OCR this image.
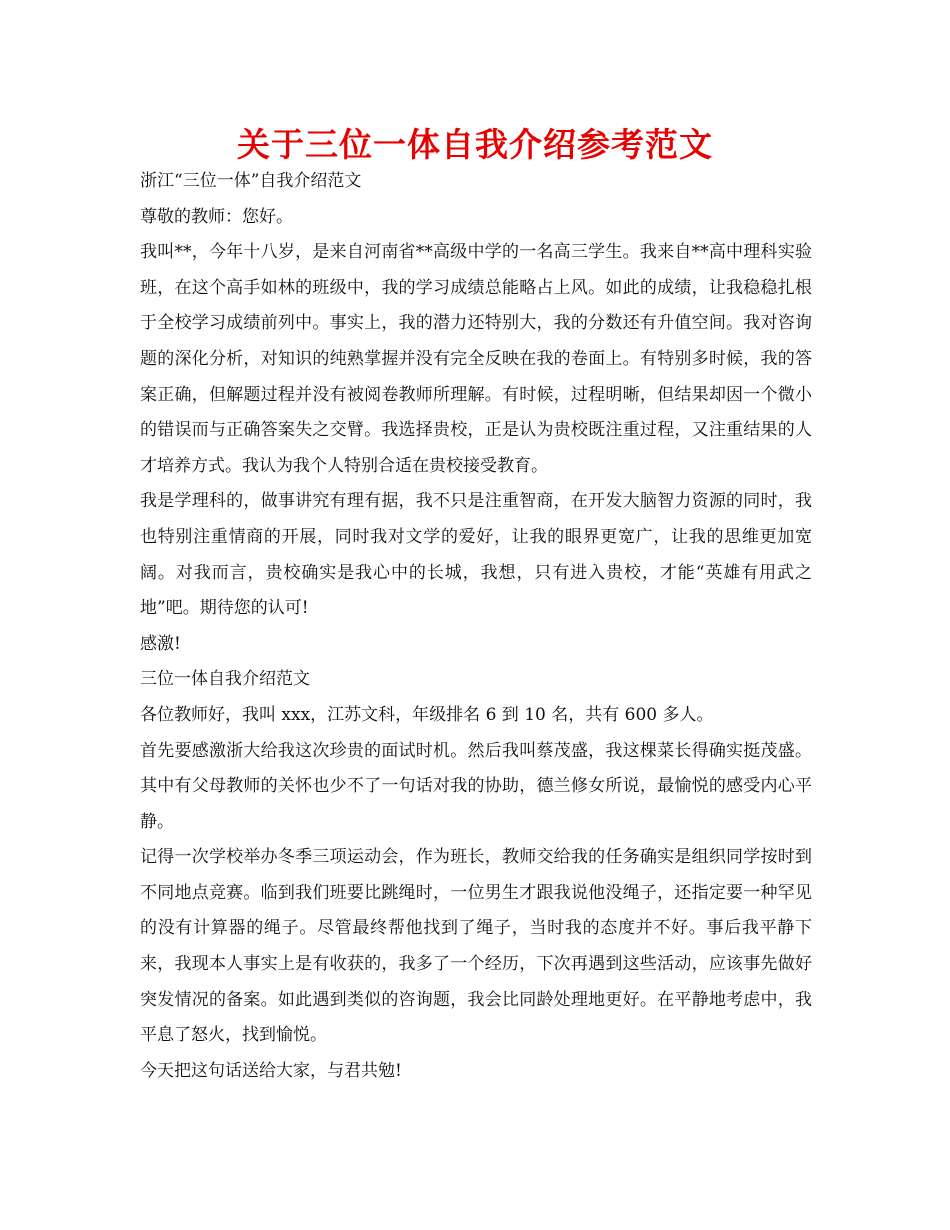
关于三位一体自我介绍参考范文

浙江“三位一体”自我介绍范文

尊敬的教师：您好。

我叫**，今年十八岁，是来自河南省**高级中学的一名高三学生。我来自**高中理科实验班，在这个高手如林的班级中，我的学习成绩总能略占上风。如此的成绩，让我稳稳扎根于全校学习成绩前列中。事实上，我的潜力还特别大，我的分数还有升值空间。我对咨询题的深化分析，对知识的纯熟掌握并没有完全反映在我的卷面上。有特别多时候，我的答案正确，但解题过程并没有被阅卷教师所理解。有时候，过程明晰，但结果却因一个微小的错误而与正确答案失之交臂。我选择贵校，正是认为贵校既注重过程，又注重结果的人才培养方式。我认为我个人特别合适在贵校接受教育。

我是学理科的，做事讲究有理有据，我不只是注重智商，在开发大脑智力资源的同时，我也特别注重情商的开展，同时我对文学的爱好，让我的眼界更宽广，让我的思维更加宽阔。对我而言，贵校确实是我心中的长城，我想，只有进入贵校，才能“英雄有用武之地”吧。期待您的认可!

感激!

三位一体自我介绍范文

各位教师好，我叫 xxx，江苏文科，年级排名 6 到 10 名，共有 600 多人。

首先要感激浙大给我这次珍贵的面试时机。然后我叫蔡茂盛，我这棵菜长得确实挺茂盛。其中有父母教师的关怀也少不了一句话对我的协助，德兰修女所说，最愉悦的感受内心平静。

记得一次学校举办冬季三项运动会，作为班长，教师交给我的任务确实是组织同学按时到不同地点竞赛。临到我们班要比跳绳时，一位男生才跟我说他没绳子，还指定要一种罕见的没有计算器的绳子。尽管最终帮他找到了绳子，当时我的态度并不好。事后我平静下来，我现本人事实上是有收获的，我多了一个经历，下次再遇到这些活动，应该事先做好突发情况的备案。如此遇到类似的咨询题，我会比同龄处理地更好。在平静地考虑中，我平息了怒火，找到愉悦。

今天把这句话送给大家，与君共勉!
